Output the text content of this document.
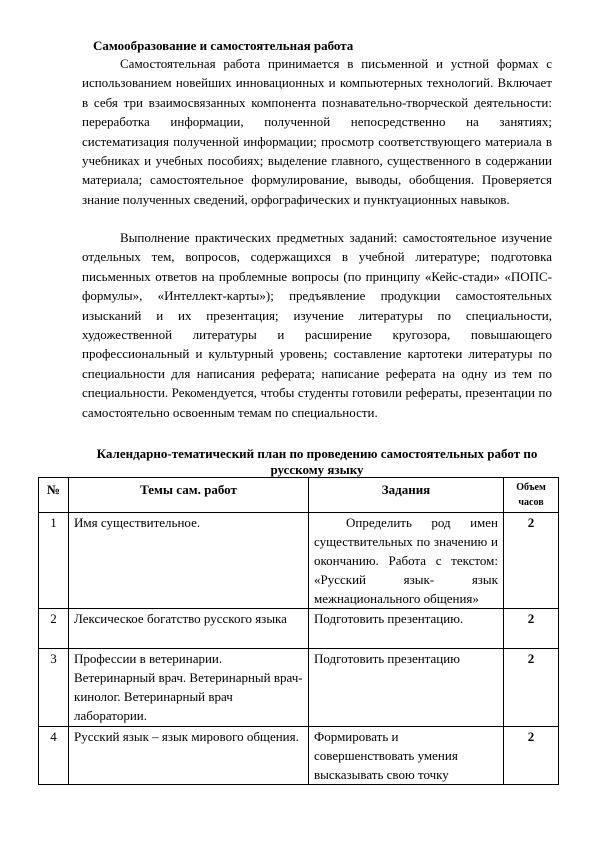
Самообразование и самостоятельная работа
Самостоятельная работа принимается в письменной и устной формах с использованием новейших инновационных и компьютерных технологий. Включает в себя три взаимосвязанных компонента познавательно-творческой деятельности: переработка информации, полученной непосредственно на занятиях; систематизация полученной информации; просмотр соответствующего материала в учебниках и учебных пособиях; выделение главного, существенного в содержании материала; самостоятельное формулирование, выводы, обобщения. Проверяется знание полученных сведений, орфографических и пунктуационных навыков.
Выполнение практических предметных заданий: самостоятельное изучение отдельных тем, вопросов, содержащихся в учебной литературе; подготовка письменных ответов на проблемные вопросы (по принципу «Кейс-стади» «ПОПС-формулы», «Интеллект-карты»); предъявление продукции самостоятельных изысканий и их презентация; изучение литературы по специальности, художественной литературы и расширение кругозора, повышающего профессиональный и культурный уровень; составление картотеки литературы по специальности для написания реферата; написание реферата на одну из тем по специальности. Рекомендуется, чтобы студенты готовили рефераты, презентации по самостоятельно освоенным темам по специальности.
Календарно-тематический план по проведению самостоятельных работ по русскому языку
№	Темы сам. работ	Задания	Объем часов
1	Имя существительное.	Определить род имен существительных по значению и окончанию. Работа с текстом: «Русский язык- язык межнационального общения»	2
2	Лексическое богатство русского языка	Подготовить презентацию.	2
3	Профессии в ветеринарии. Ветеринарный врач. Ветеринарный врач-кинолог. Ветеринарный врач лаборатории.	Подготовить презентацию	2
4	Русский язык – язык мирового общения.	Формировать и совершенствовать умения высказывать свою точку	2
